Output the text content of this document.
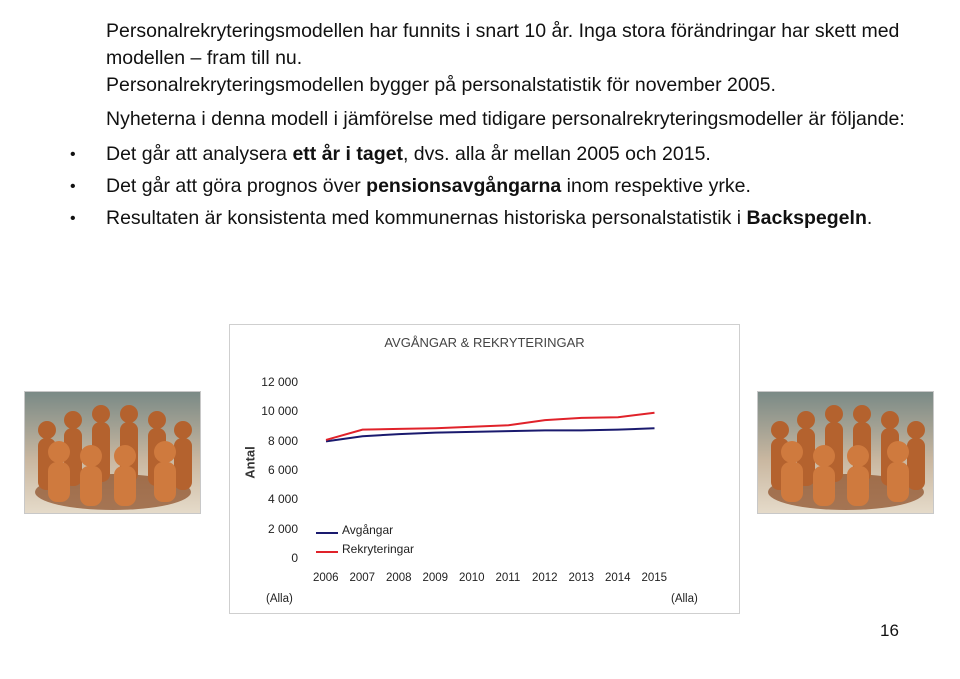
Personalrekryteringsmodellen har funnits i snart 10 år. Inga stora förändringar har skett med modellen – fram till nu.

Personalrekryteringsmodellen bygger på personalstatistik för november 2005.

Nyheterna i denna modell i jämförelse med tidigare personalrekryteringsmodeller är följande:

• Det går att analysera ett år i taget, dvs. alla år mellan 2005 och 2015.

• Det går att göra prognos över pensionsavgångarna inom respektive yrke.

• Resultaten är konsistenta med kommunernas historiska personalstatistik i Backspegeln.

AVGÅNGAR & REKRYTERINGAR
Antal
0
2 000
4 000
6 000
8 000
10 000
12 000
2006 2007 2008 2009 2010 2011 2012 2013 2014 2015
Avgångar
Rekryteringar
(Alla)	(Alla)
16
